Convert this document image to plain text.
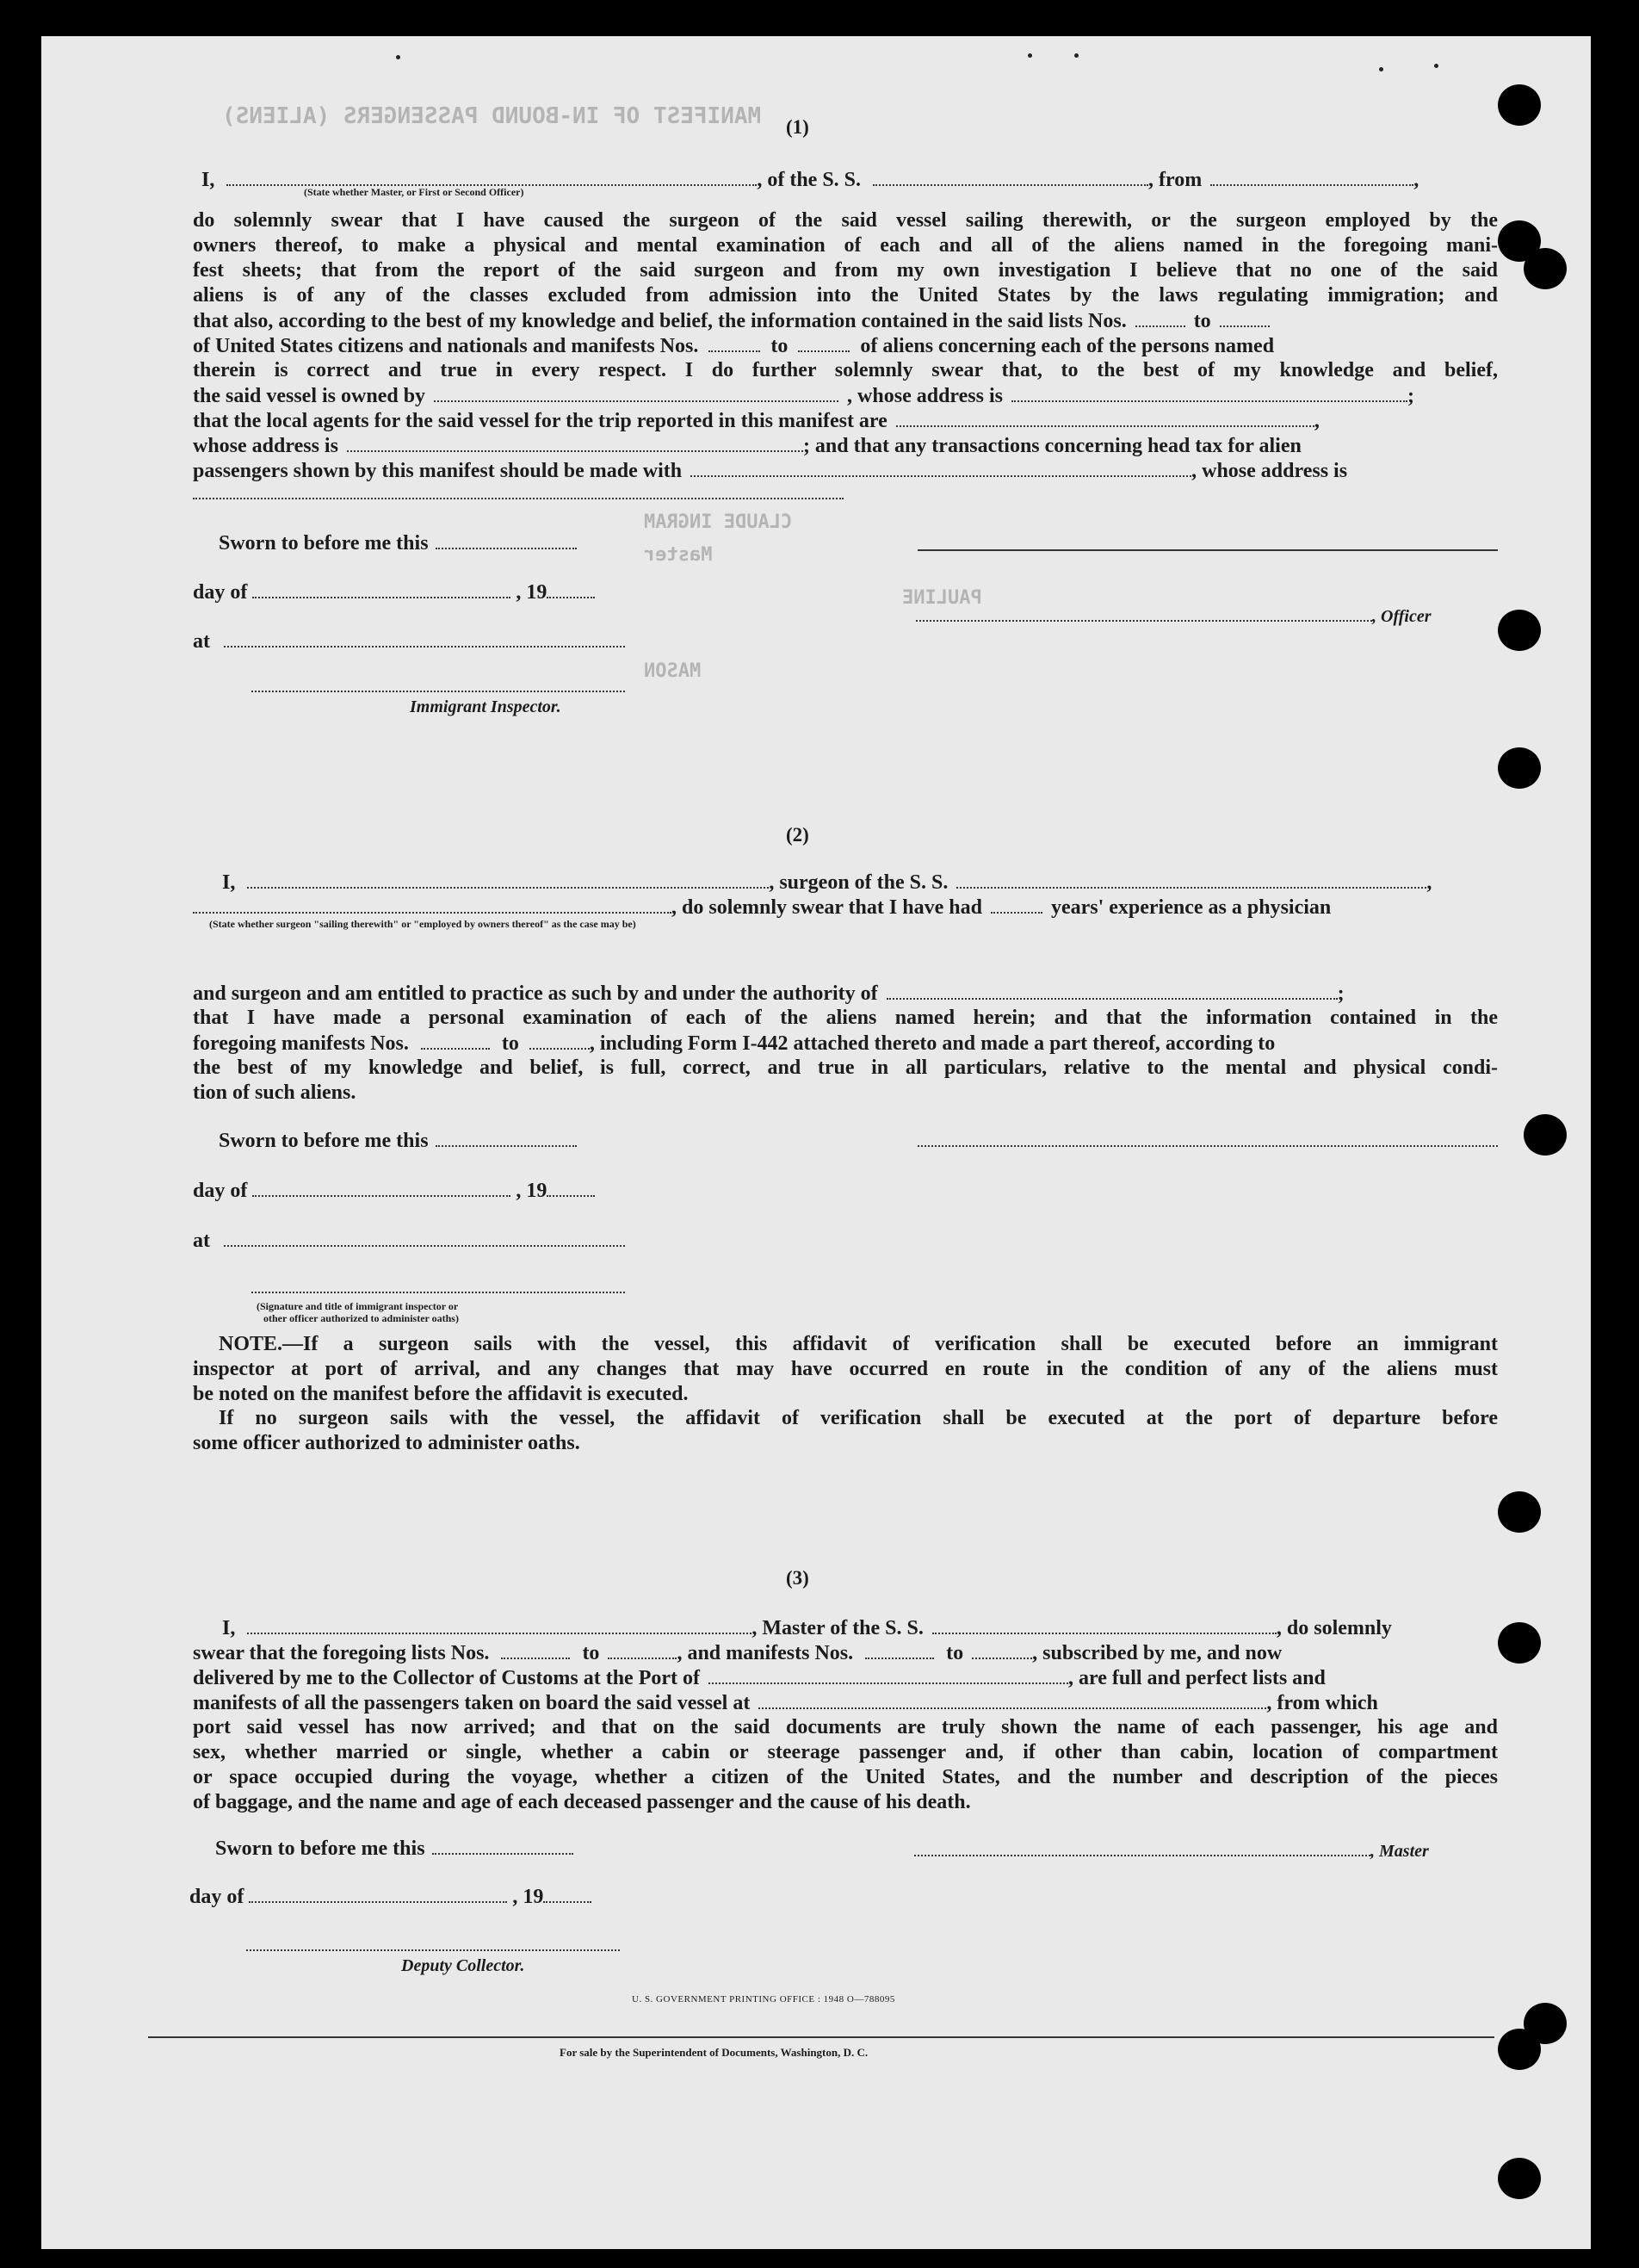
MANIFEST OF IN-BOUND PASSENGERS (ALIENS)
CLAUDE INGRAM
Master
PAULINE
MASON
(1)
I,	, of the S. S.	, from	,
(State whether Master, or First or Second Officer)
do solemnly swear that I have caused the surgeon of the said vessel sailing therewith, or the surgeon employed by the
owners thereof, to make a physical and mental examination of each and all of the aliens named in the foregoing mani-
fest sheets; that from the report of the said surgeon and from my own investigation I believe that no one of the said
aliens is of any of the classes excluded from admission into the United States by the laws regulating immigration; and
that also, according to the best of my knowledge and belief, the information contained in the said lists Nos.	to
of United States citizens and nationals and manifests Nos.	to	of aliens concerning each of the persons named
therein is correct and true in every respect. I do further solemnly swear that, to the best of my knowledge and belief,
the said vessel is owned by	, whose address is	;
that the local agents for the said vessel for the trip reported in this manifest are	,
whose address is	; and that any transactions concerning head tax for alien
passengers shown by this manifest should be made with	, whose address is
Sworn to before me this
day of	, 19
, Officer
at
Immigrant Inspector.
(2)
I,	, surgeon of the S. S.	,
, do solemnly swear that I have had	years' experience as a physician
(State whether surgeon "sailing therewith" or "employed by owners thereof" as the case may be)
and surgeon and am entitled to practice as such by and under the authority of	;
that I have made a personal examination of each of the aliens named herein; and that the information contained in the
foregoing manifests Nos.	to	, including Form I-442 attached thereto and made a part thereof, according to
the best of my knowledge and belief, is full, correct, and true in all particulars, relative to the mental and physical condi-
tion of such aliens.
Sworn to before me this
day of	, 19
at
(Signature and title of immigrant inspector or
other officer authorized to administer oaths)
NOTE.—If a surgeon sails with the vessel, this affidavit of verification shall be executed before an immigrant
inspector at port of arrival, and any changes that may have occurred en route in the condition of any of the aliens must
be noted on the manifest before the affidavit is executed.
If no surgeon sails with the vessel, the affidavit of verification shall be executed at the port of departure before
some officer authorized to administer oaths.
(3)
I,	, Master of the S. S.	, do solemnly
swear that the foregoing lists Nos.	to	, and manifests Nos.	to	, subscribed by me, and now
delivered by me to the Collector of Customs at the Port of	, are full and perfect lists and
manifests of all the passengers taken on board the said vessel at	, from which
port said vessel has now arrived; and that on the said documents are truly shown the name of each passenger, his age and
sex, whether married or single, whether a cabin or steerage passenger and, if other than cabin, location of compartment
or space occupied during the voyage, whether a citizen of the United States, and the number and description of the pieces
of baggage, and the name and age of each deceased passenger and the cause of his death.
Sworn to before me this	, Master
day of	, 19
Deputy Collector.
U. S. GOVERNMENT PRINTING OFFICE : 1948 O—788095
For sale by the Superintendent of Documents, Washington, D. C.
